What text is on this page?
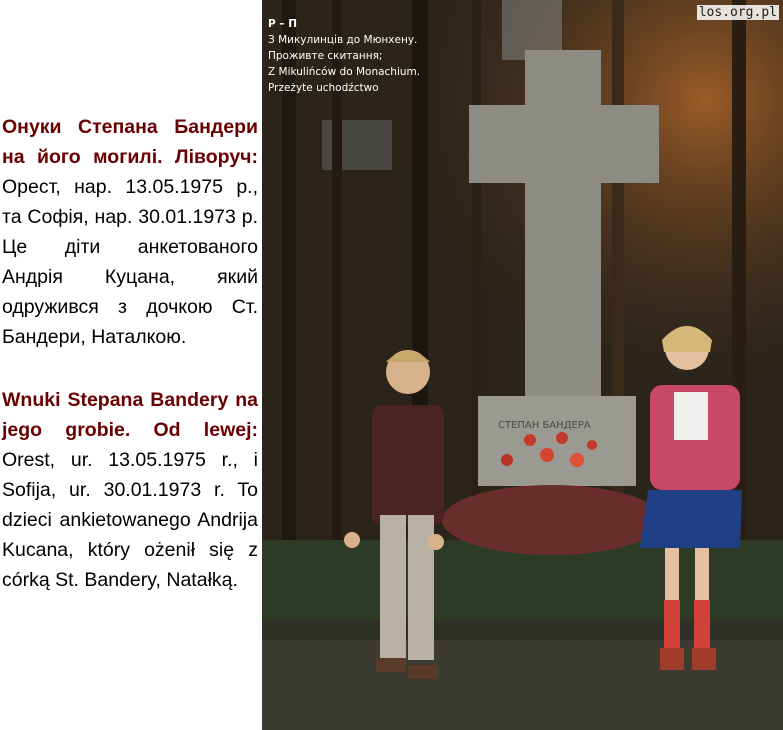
Онуки Степана Бандери на його могилі. Ліворуч: Орест, нар. 13.05.1975 р., та Софія, нар. 30.01.1973 р. Це діти анкетованого Андрія Куцана, який одружився з дочкою Ст. Бандери, Наталкою.

Wnuki Stepana Bandery na jego grobie. Od lewej: Orest, ur. 13.05.1975 r., i Sofija, ur. 30.01.1973 r. To dzieci ankietowanego Andrija Kucana, który ożenił się z córką St. Bandery, Natałką.

СТЕПАН БАНДЕРА
Р – П
З Микулинців до Мюнхену.
Проживте скитання;
Z Mikulińców do Monachium.
Przeżyte uchodźctwo
los.org.pl
